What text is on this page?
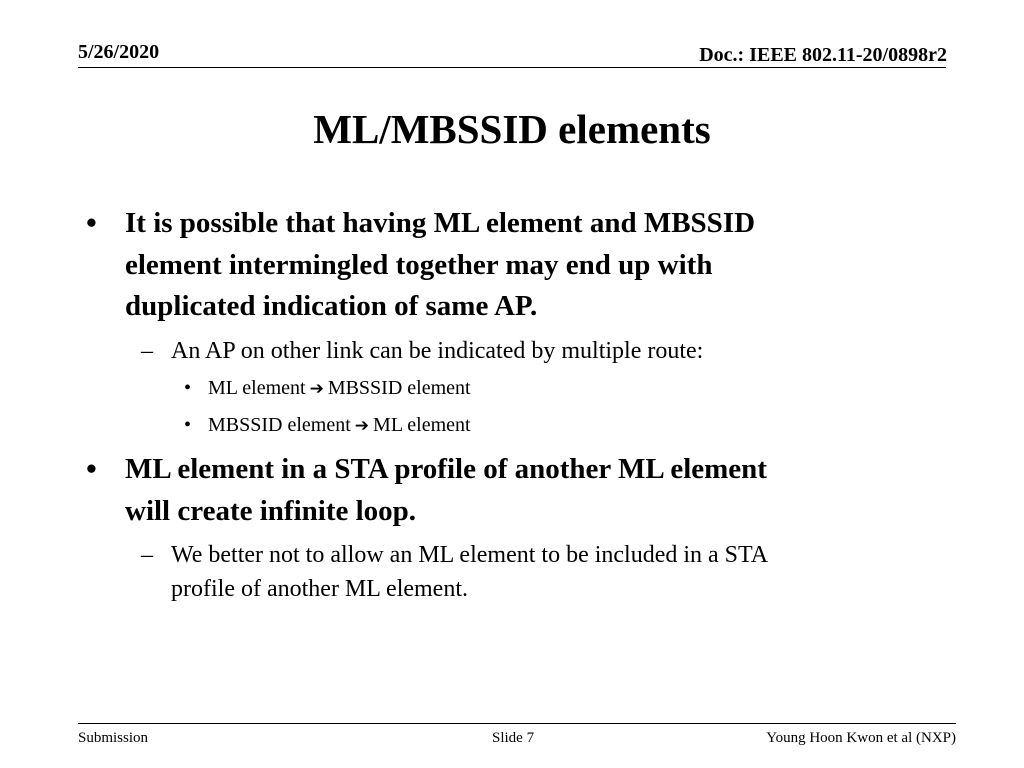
5/26/2020	Doc.: IEEE 802.11-20/0898r2
ML/MBSSID elements
• It is possible that having ML element and MBSSID
element intermingled together may end up with
duplicated indication of same AP.
– An AP on other link can be indicated by multiple route:
• ML element ➔ MBSSID element
• MBSSID element ➔ ML element
• ML element in a STA profile of another ML element
will create infinite loop.
– We better not to allow an ML element to be included in a STA
profile of another ML element.
Submission	Slide 7	Young Hoon Kwon et al (NXP)
